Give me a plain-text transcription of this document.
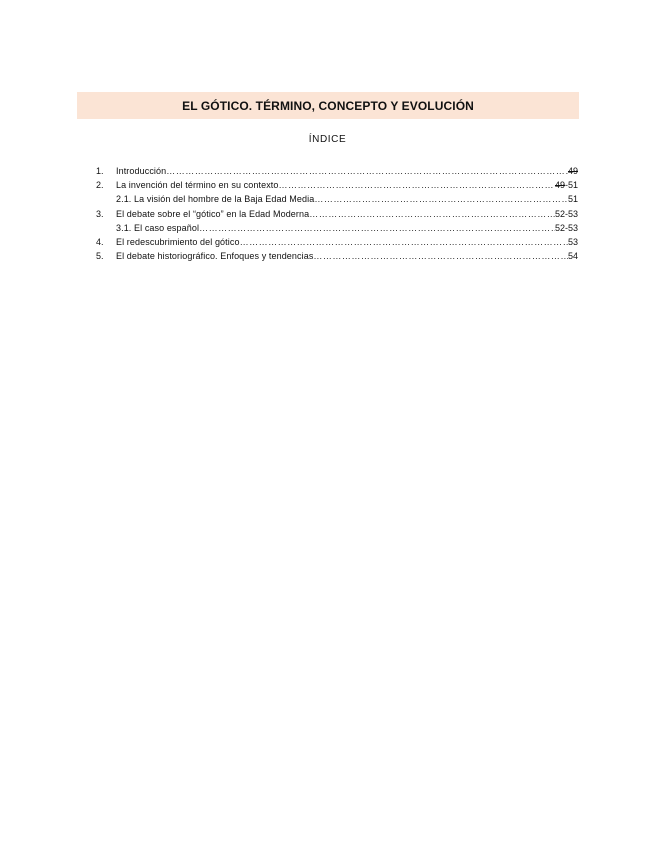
EL GÓTICO. TÉRMINO, CONCEPTO Y EVOLUCIÓN
ÍNDICE
1.	Introducción ……………………………………………………………………………………………………………………………………………………………………………………	49
2.	La invención del término en su contexto ……………………………………………………………………………………………………………………………………………………………………………………	49-51
2.1. La visión del hombre de la Baja Edad Media ……………………………………………………………………………………………………………………………………………………………………………………	51
3.	El debate sobre el “gótico” en la Edad Moderna ……………………………………………………………………………………………………………………………………………………………………………………	52-53
3.1. El caso español ……………………………………………………………………………………………………………………………………………………………………………………	52-53
4.	El redescubrimiento del gótico ……………………………………………………………………………………………………………………………………………………………………………………	53
5.	El debate historiográfico. Enfoques y tendencias ……………………………………………………………………………………………………………………………………………………………………………………	54
